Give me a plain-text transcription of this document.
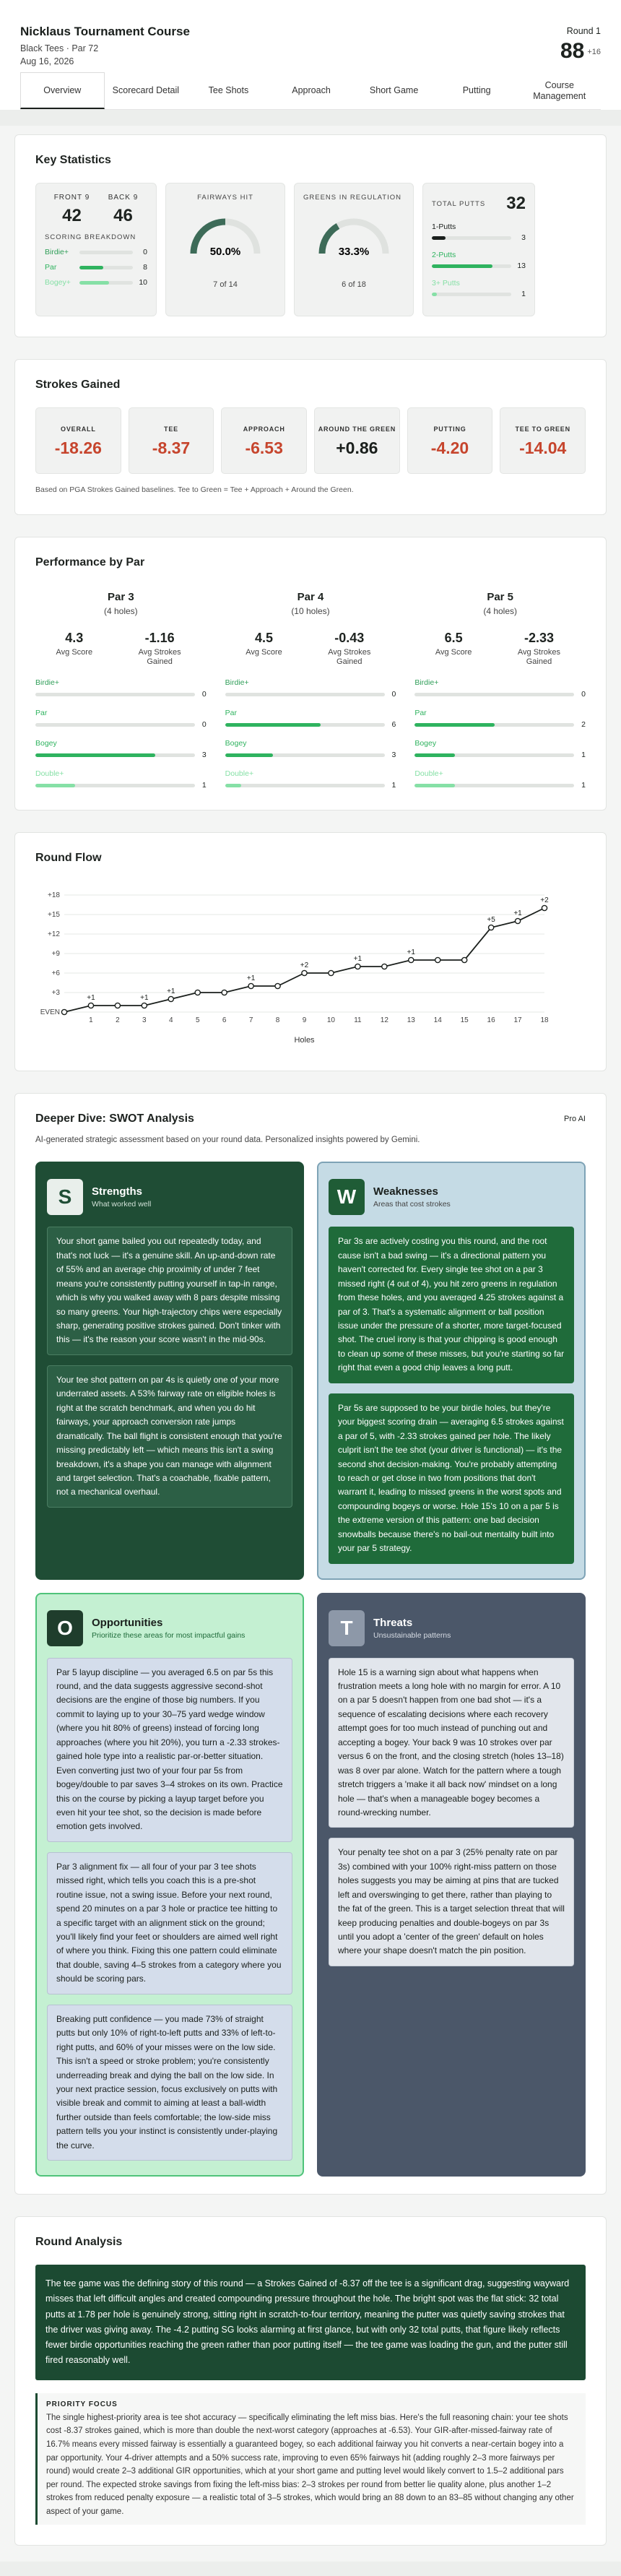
Nicklaus Tournament Course
Black Tees · Par 72
Aug 16, 2026
Round 1
88 +16
Overview	Scorecard Detail	Tee Shots	Approach	Short Game	Putting
Course Management
Key Statistics
FRONT 9
42
BACK 9
46
SCORING BREAKDOWN
Birdie+	0
Par	8
Bogey+	10
FAIRWAYS HIT
50.0%
7 of 14
GREENS IN REGULATION
33.3%
6 of 18
TOTAL PUTTS 32
1-Putts
3
2-Putts
13
3+ Putts
1
Strokes Gained
OVERALL
-18.26
TEE
-8.37
APPROACH
-6.53
AROUND THE GREEN
+0.86
PUTTING
-4.20
TEE TO GREEN
-14.04
Based on PGA Strokes Gained baselines. Tee to Green = Tee + Approach + Around the Green.
Performance by Par
Par 3
(4 holes)
4.3
Avg Score
-1.16
Avg Strokes Gained
Birdie+
0
Par
0
Bogey
3
Double+
1
Par 4
(10 holes)
4.5
Avg Score
-0.43
Avg Strokes Gained
Birdie+
0
Par
6
Bogey
3
Double+
1
Par 5
(4 holes)
6.5
Avg Score
-2.33
Avg Strokes Gained
Birdie+
0
Par
2
Bogey
1
Double+
1
Round Flow
EVEN
+3
+6
+9
+12
+15
+18
1	2	3	4	5	6	7	8	9	10	11	12	13	14	15	16	17	18
Holes
+1	+1
+1
+1
+2
+1
+1
+5
+1
+2
Deeper Dive: SWOT Analysis	Pro AI
AI-generated strategic assessment based on your round data. Personalized insights powered by Gemini.
S	Strengths
What worked well
Your short game bailed you out repeatedly today, and that's not luck — it's a genuine skill. An up-and-down rate of 55% and an average chip proximity of under 7 feet means you're consistently putting yourself in tap-in range, which is why you walked away with 8 pars despite missing so many greens. Your high-trajectory chips were especially sharp, generating positive strokes gained. Don't tinker with this — it's the reason your score wasn't in the mid-90s.
Your tee shot pattern on par 4s is quietly one of your more underrated assets. A 53% fairway rate on eligible holes is right at the scratch benchmark, and when you do hit fairways, your approach conversion rate jumps dramatically. The ball flight is consistent enough that you're missing predictably left — which means this isn't a swing breakdown, it's a shape you can manage with alignment and target selection. That's a coachable, fixable pattern, not a mechanical overhaul.
W	Weaknesses
Areas that cost strokes
Par 3s are actively costing you this round, and the root cause isn't a bad swing — it's a directional pattern you haven't corrected for. Every single tee shot on a par 3 missed right (4 out of 4), you hit zero greens in regulation from these holes, and you averaged 4.25 strokes against a par of 3. That's a systematic alignment or ball position issue under the pressure of a shorter, more target-focused shot. The cruel irony is that your chipping is good enough to clean up some of these misses, but you're starting so far right that even a good chip leaves a long putt.
Par 5s are supposed to be your birdie holes, but they're your biggest scoring drain — averaging 6.5 strokes against a par of 5, with -2.33 strokes gained per hole. The likely culprit isn't the tee shot (your driver is functional) — it's the second shot decision-making. You're probably attempting to reach or get close in two from positions that don't warrant it, leading to missed greens in the worst spots and compounding bogeys or worse. Hole 15's 10 on a par 5 is the extreme version of this pattern: one bad decision snowballs because there's no bail-out mentality built into your par 5 strategy.
O	Opportunities
Prioritize these areas for most impactful gains
Par 5 layup discipline — you averaged 6.5 on par 5s this round, and the data suggests aggressive second-shot decisions are the engine of those big numbers. If you commit to laying up to your 30–75 yard wedge window (where you hit 80% of greens) instead of forcing long approaches (where you hit 20%), you turn a -2.33 strokes-gained hole type into a realistic par-or-better situation. Even converting just two of your four par 5s from bogey/double to par saves 3–4 strokes on its own. Practice this on the course by picking a layup target before you even hit your tee shot, so the decision is made before emotion gets involved.
Par 3 alignment fix — all four of your par 3 tee shots missed right, which tells you coach this is a pre-shot routine issue, not a swing issue. Before your next round, spend 20 minutes on a par 3 hole or practice tee hitting to a specific target with an alignment stick on the ground; you'll likely find your feet or shoulders are aimed well right of where you think. Fixing this one pattern could eliminate that double, saving 4–5 strokes from a category where you should be scoring pars.
Breaking putt confidence — you made 73% of straight putts but only 10% of right-to-left putts and 33% of left-to-right putts, and 60% of your misses were on the low side. This isn't a speed or stroke problem; you're consistently underreading break and dying the ball on the low side. In your next practice session, focus exclusively on putts with visible break and commit to aiming at least a ball-width further outside than feels comfortable; the low-side miss pattern tells you your instinct is consistently under-playing the curve.
T	Threats
Unsustainable patterns
Hole 15 is a warning sign about what happens when frustration meets a long hole with no margin for error. A 10 on a par 5 doesn't happen from one bad shot — it's a sequence of escalating decisions where each recovery attempt goes for too much instead of punching out and accepting a bogey. Your back 9 was 10 strokes over par versus 6 on the front, and the closing stretch (holes 13–18) was 8 over par alone. Watch for the pattern where a tough stretch triggers a 'make it all back now' mindset on a long hole — that's when a manageable bogey becomes a round-wrecking number.
Your penalty tee shot on a par 3 (25% penalty rate on par 3s) combined with your 100% right-miss pattern on those holes suggests you may be aiming at pins that are tucked left and overswinging to get there, rather than playing to the fat of the green. This is a target selection threat that will keep producing penalties and double-bogeys on par 3s until you adopt a 'center of the green' default on holes where your shape doesn't match the pin position.
Round Analysis
The tee game was the defining story of this round — a Strokes Gained of -8.37 off the tee is a significant drag, suggesting wayward misses that left difficult angles and created compounding pressure throughout the hole. The bright spot was the flat stick: 32 total putts at 1.78 per hole is genuinely strong, sitting right in scratch-to-four territory, meaning the putter was quietly saving strokes that the driver was giving away. The -4.2 putting SG looks alarming at first glance, but with only 32 total putts, that figure likely reflects fewer birdie opportunities reaching the green rather than poor putting itself — the tee game was loading the gun, and the putter still fired reasonably well.
PRIORITY FOCUS
The single highest-priority area is tee shot accuracy — specifically eliminating the left miss bias. Here's the full reasoning chain: your tee shots cost -8.37 strokes gained, which is more than double the next-worst category (approaches at -6.53). Your GIR-after-missed-fairway rate of 16.7% means every missed fairway is essentially a guaranteed bogey, so each additional fairway you hit converts a near-certain bogey into a par opportunity. Your 4-driver attempts and a 50% success rate, improving to even 65% fairways hit (adding roughly 2–3 more fairways per round) would create 2–3 additional GIR opportunities, which at your short game and putting level would likely convert to 1.5–2 additional pars per round. The expected stroke savings from fixing the left-miss bias: 2–3 strokes per round from better lie quality alone, plus another 1–2 strokes from reduced penalty exposure — a realistic total of 3–5 strokes, which would bring an 88 down to an 83–85 without changing any other aspect of your game.
